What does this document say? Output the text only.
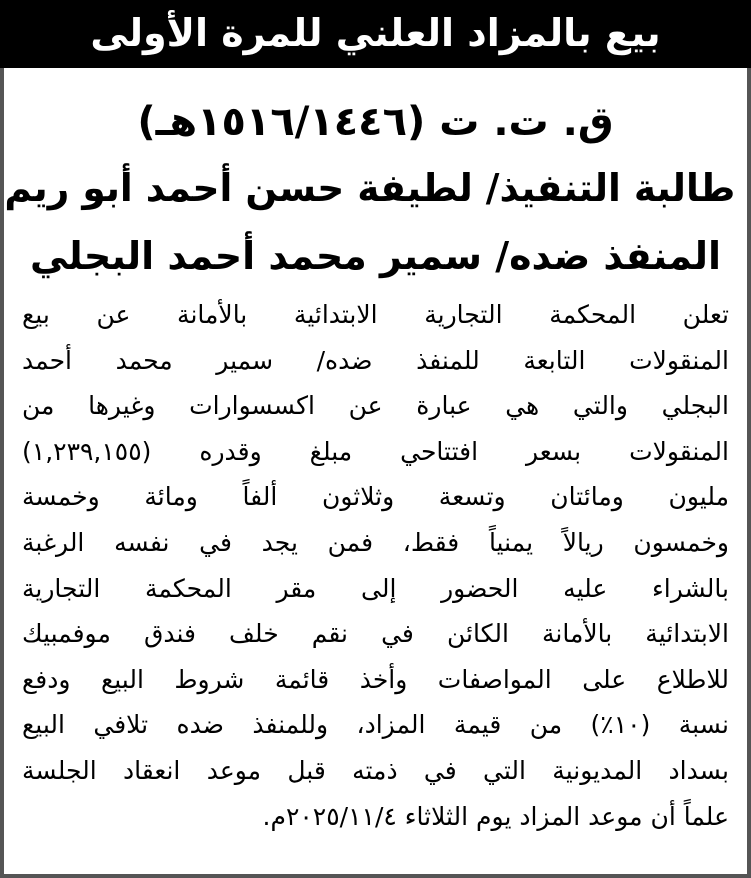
بيع بالمزاد العلني للمرة الأولى
ق. ت. ت (١٥١٦/١٤٤٦هـ)
طالبة التنفيذ/ لطيفة حسن أحمد أبو ريم
المنفذ ضده/ سمير محمد أحمد البجلي
تعلن المحكمة التجارية الابتدائية بالأمانة عن بيع
المنقولات التابعة للمنفذ ضده/ سمير محمد أحمد
البجلي والتي هي عبارة عن اكسسوارات وغيرها من
المنقولات بسعر افتتاحي مبلغ وقدره (١,٢٣٩,١٥٥)
مليون ومائتان وتسعة وثلاثون ألفاً ومائة وخمسة
وخمسون ريالاً يمنياً فقط، فمن يجد في نفسه الرغبة
بالشراء عليه الحضور إلى مقر المحكمة التجارية
الابتدائية بالأمانة الكائن في نقم خلف فندق موفمبيك
للاطلاع على المواصفات وأخذ قائمة شروط البيع ودفع
نسبة (١٠٪) من قيمة المزاد، وللمنفذ ضده تلافي البيع
بسداد المديونية التي في ذمته قبل موعد انعقاد الجلسة
علماً أن موعد المزاد يوم الثلاثاء ٢٠٢٥/١١/٤م.
